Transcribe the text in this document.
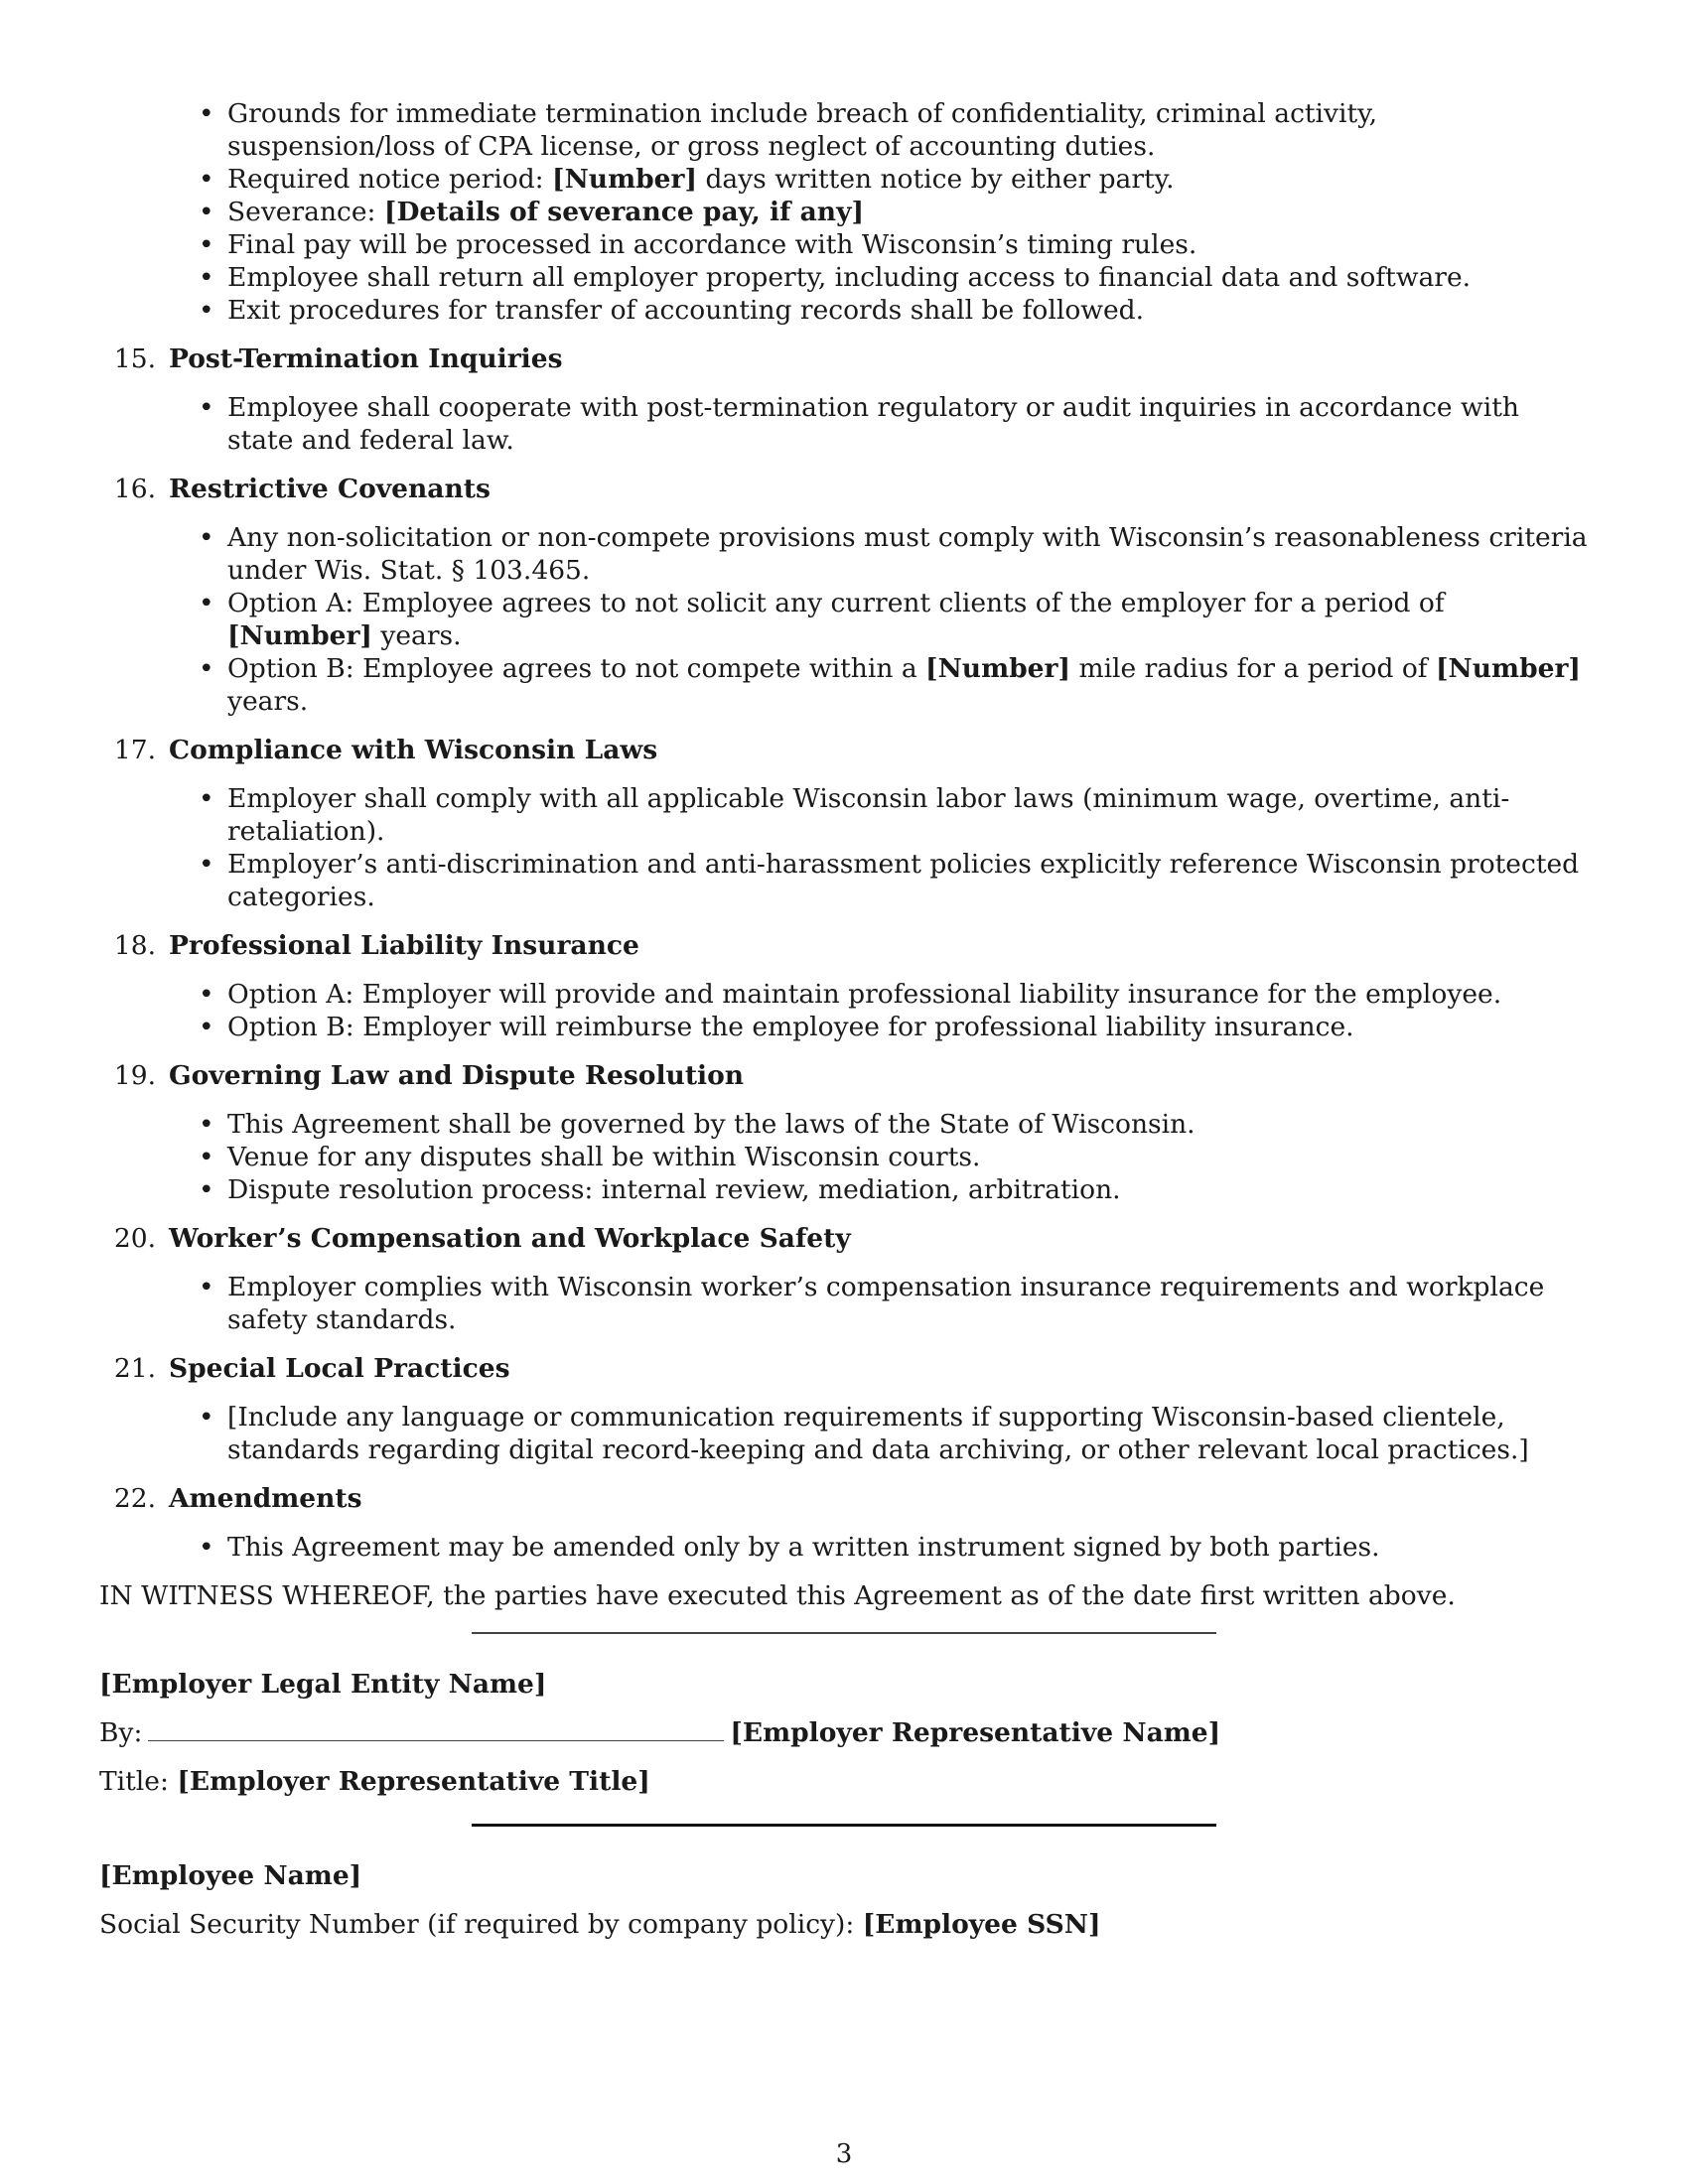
• Grounds for immediate termination include breach of confidentiality, criminal activity, suspension/loss of CPA license, or gross neglect of accounting duties.
• Required notice period: [Number] days written notice by either party.
• Severance: [Details of severance pay, if any]
• Final pay will be processed in accordance with Wisconsin’s timing rules.
• Employee shall return all employer property, including access to financial data and software.
• Exit procedures for transfer of accounting records shall be followed.
15. Post-Termination Inquiries
• Employee shall cooperate with post-termination regulatory or audit inquiries in accordance with state and federal law.
16. Restrictive Covenants
• Any non-solicitation or non-compete provisions must comply with Wisconsin’s reasonableness criteria under Wis. Stat. § 103.465.
• Option A: Employee agrees to not solicit any current clients of the employer for a period of [Number] years.
• Option B: Employee agrees to not compete within a [Number] mile radius for a period of [Number] years.
17. Compliance with Wisconsin Laws
• Employer shall comply with all applicable Wisconsin labor laws (minimum wage, overtime, anti-retaliation).
• Employer’s anti-discrimination and anti-harassment policies explicitly reference Wisconsin protected categories.
18. Professional Liability Insurance
• Option A: Employer will provide and maintain professional liability insurance for the employee.
• Option B: Employer will reimburse the employee for professional liability insurance.
19. Governing Law and Dispute Resolution
• This Agreement shall be governed by the laws of the State of Wisconsin.
• Venue for any disputes shall be within Wisconsin courts.
• Dispute resolution process: internal review, mediation, arbitration.
20. Worker’s Compensation and Workplace Safety
• Employer complies with Wisconsin worker’s compensation insurance requirements and workplace safety standards.
21. Special Local Practices
• [Include any language or communication requirements if supporting Wisconsin-based clientele, standards regarding digital record-keeping and data archiving, or other relevant local practices.]
22. Amendments
• This Agreement may be amended only by a written instrument signed by both parties.
IN WITNESS WHEREOF, the parties have executed this Agreement as of the date first written above.
[Employer Legal Entity Name]
By:	[Employer Representative Name]
Title: [Employer Representative Title]
[Employee Name]
Social Security Number (if required by company policy): [Employee SSN]
3
